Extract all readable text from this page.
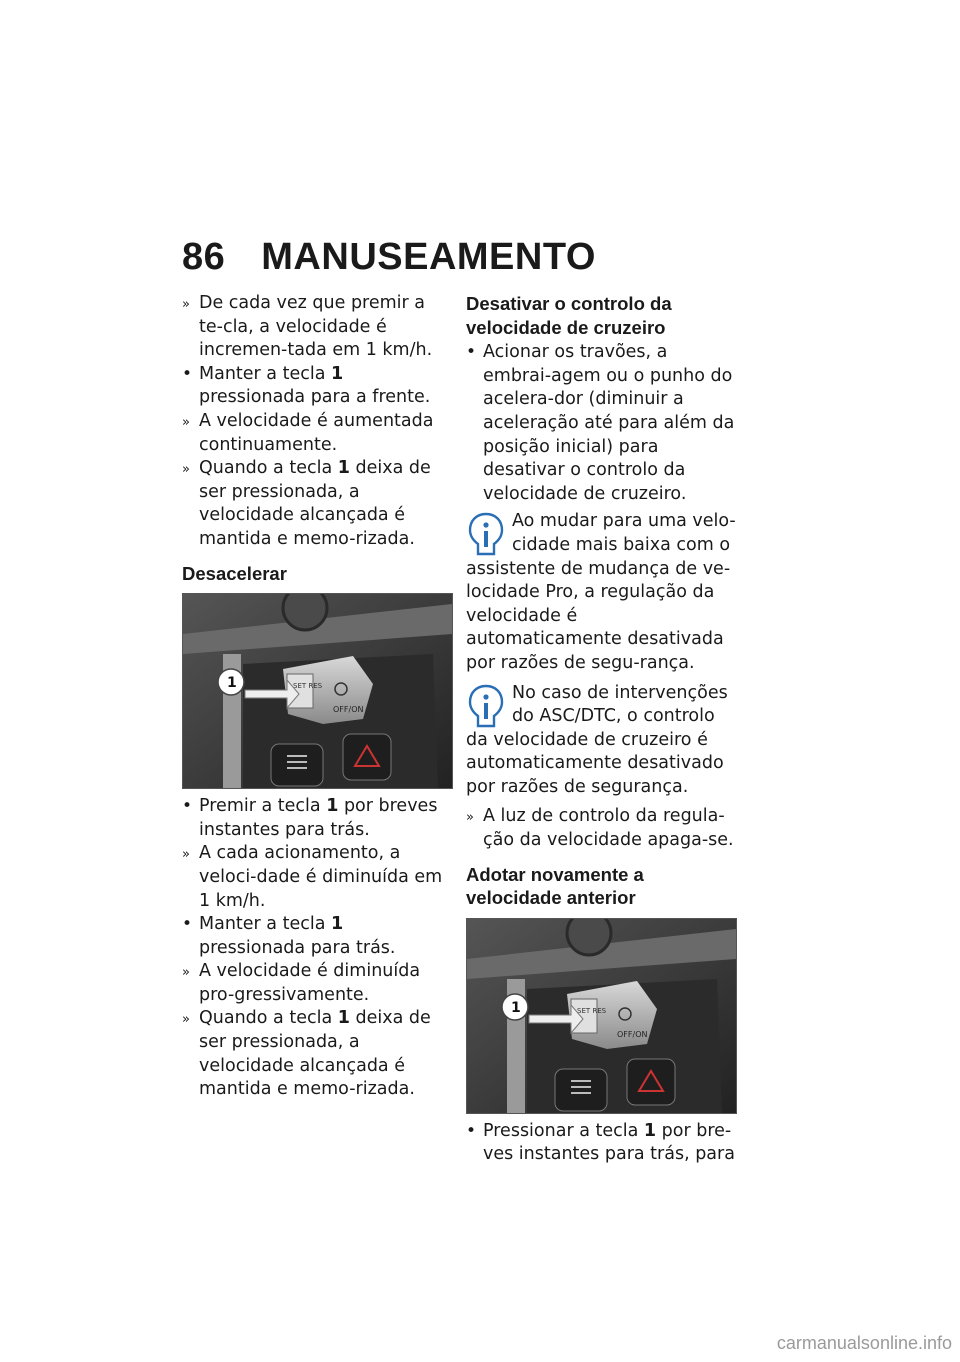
86 MANUSEAMENTO
» De cada vez que premir a te-cla, a velocidade é incremen-tada em 1 km/h.
• Manter a tecla 1 pressionada para a frente.
» A velocidade é aumentada continuamente.
» Quando a tecla 1 deixa de ser pressionada, a velocidade alcançada é mantida e memo-rizada.
Desacelerar
SET RES
OFF/ON
1
• Premir a tecla 1 por breves instantes para trás.
» A cada acionamento, a veloci-dade é diminuída em 1 km/h.
• Manter a tecla 1 pressionada para trás.
» A velocidade é diminuída pro-gressivamente.
» Quando a tecla 1 deixa de ser pressionada, a velocidade alcançada é mantida e memo-rizada.
Desativar o controlo da velocidade de cruzeiro
• Acionar os travões, a embrai-agem ou o punho do acelera-dor (diminuir a aceleração até para além da posição inicial) para desativar o controlo da velocidade de cruzeiro.
Ao mudar para uma velo-cidade mais baixa com o assistente de mudança de ve-locidade Pro, a regulação da velocidade é automaticamente desativada por razões de segu-rança.
No caso de intervenções do ASC/DTC, o controlo da velocidade de cruzeiro é automaticamente desativado por razões de segurança.
» A luz de controlo da regula-ção da velocidade apaga-se.
Adotar novamente a velocidade anterior
SET RES
OFF/ON
1
• Pressionar a tecla 1 por bre-ves instantes para trás, para
carmanualsonline.info
